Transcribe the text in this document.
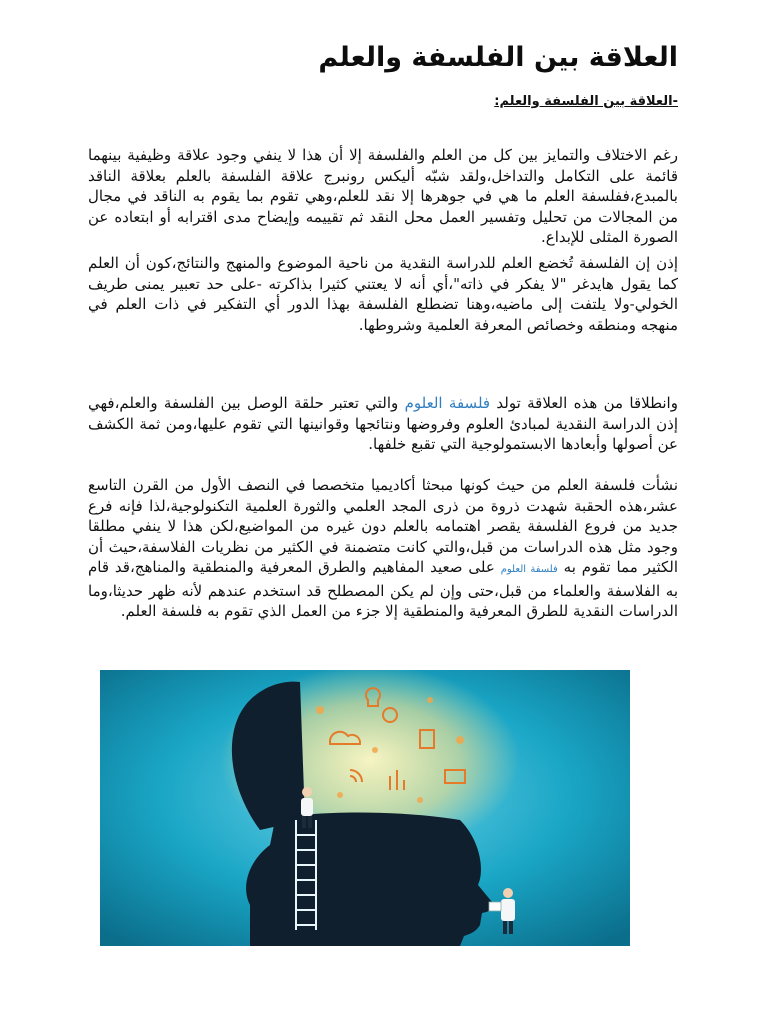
العلاقة بين الفلسفة والعلم
-العلاقة بين الفلسفة والعلم:

رغم الاختلاف والتمايز بين كل من العلم والفلسفة إلا أن هذا لا ينفي وجود علاقة وظيفية بينهما قائمة على التكامل والتداخل،ولقد شبّه أليكس رونبرج علاقة الفلسفة بالعلم بعلاقة الناقد بالمبدع،ففلسفة العلم ما هي في جوهرها إلا نقد للعلم،وهي تقوم بما يقوم به الناقد في مجال من المجالات من تحليل وتفسير العمل محل النقد ثم تقييمه وإيضاح مدى اقترابه أو ابتعاده عن الصورة المثلى للإبداع.

إذن إن الفلسفة تُخضع العلم للدراسة النقدية من ناحية الموضوع والمنهج والنتائج،كون أن العلم كما يقول هايدغر "لا يفكر في ذاته"،أي أنه لا يعتني كثيرا بذاكرته -على حد تعبير يمنى طريف الخولي-ولا يلتفت إلى ماضيه،وهنا تضطلع الفلسفة بهذا الدور أي التفكير في ذات العلم في منهجه ومنطقه وخصائص المعرفة العلمية وشروطها.

وانطلاقا من هذه العلاقة تولد فلسفة العلوم والتي تعتبر حلقة الوصل بين الفلسفة والعلم،فهي إذن الدراسة النقدية لمبادئ العلوم وفروضها ونتائجها وقوانينها التي تقوم عليها،ومن ثمة الكشف عن أصولها وأبعادها الابستمولوجية التي تقبع خلفها.

نشأت فلسفة العلم من حيث كونها مبحثا أكاديميا متخصصا في النصف الأول من القرن التاسع عشر،هذه الحقبة شهدت ذروة من ذرى المجد العلمي والثورة العلمية التكنولوجية،لذا فإنه فرع جديد من فروع الفلسفة يقصر اهتمامه بالعلم دون غيره من المواضيع،لكن هذا لا ينفي مطلقا وجود مثل هذه الدراسات من قبل،والتي كانت متضمنة في الكثير من نظريات الفلاسفة،حيث أن الكثير مما تقوم به فلسفة العلوم على صعيد المفاهيم والطرق المعرفية والمنطقية والمناهج،قد قام به الفلاسفة والعلماء من قبل،حتى وإن لم يكن المصطلح قد استخدم عندهم لأنه ظهر حديثا،وما الدراسات النقدية للطرق المعرفية والمنطقية إلا جزء من العمل الذي تقوم به فلسفة العلم.
